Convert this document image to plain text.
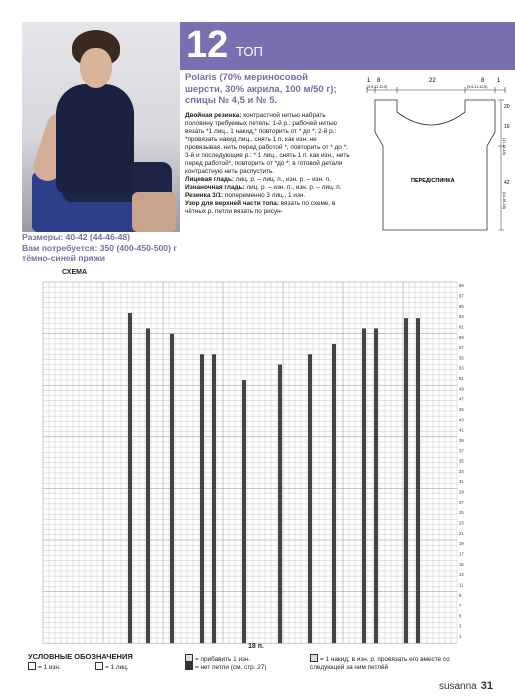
12 ТОП
Polaris (70% мериносовой шерсти, 30% акрила, 100 м/50 г); спицы № 4,5 и № 5.
Размеры: 40-42 (44-46-48)
Вам потребуется: 350 (400-450-500) г тёмно-синей пряжи

Двойная резинка: контрастной нитью набрать половину требуемых петель: 1-й р.: рабочей нитью вязать *1 лиц., 1 накид,* повторить от * до *; 2-й р.: *провязать накид лиц., снять 1 п. как изн. не провязывая, нить перед работой *, повторить от * до *; 3-й и последующие р.: * 1 лиц., снять 1 п. как изн., нить перед работой*, повторить от *до *; в готовой детали контрастную нить распустить.

Лицевая гладь: лиц. р. – лиц. п., изн. р. – изн. п.

Изнаночная гладь: лиц. р. – изн. п., изн. р. – лиц. п.

Резинка 3/1: попеременно 3 лиц., 1 изн.

Узор для верхней части топа: вязать по схеме, в чётных р. петли вязать по рисун-

1 8	22	8 1
(9,5-11-12,5)	(9,5-11-12,5)
20
16
(17-18-19)
42
(44-46-48)
ПЕРЕД/СПИНКА
СХЕМА
69
67
65
63
61
59
57
55
53
51
49
47
45
43
41
39
37
35
33
31
29
27
25
23
21
19
17
15
13
11
9
7
5
3
1
18 п.
УСЛОВНЫЕ ОБОЗНАЧЕНИЯ
= 1 изн.	= 1 лиц.
= прибавить 1 изн.
= нет петли (см. стр. 27)
= 1 накид; в изн. р. провязать его вместе со следующей за ним петлёй
susanna 31
